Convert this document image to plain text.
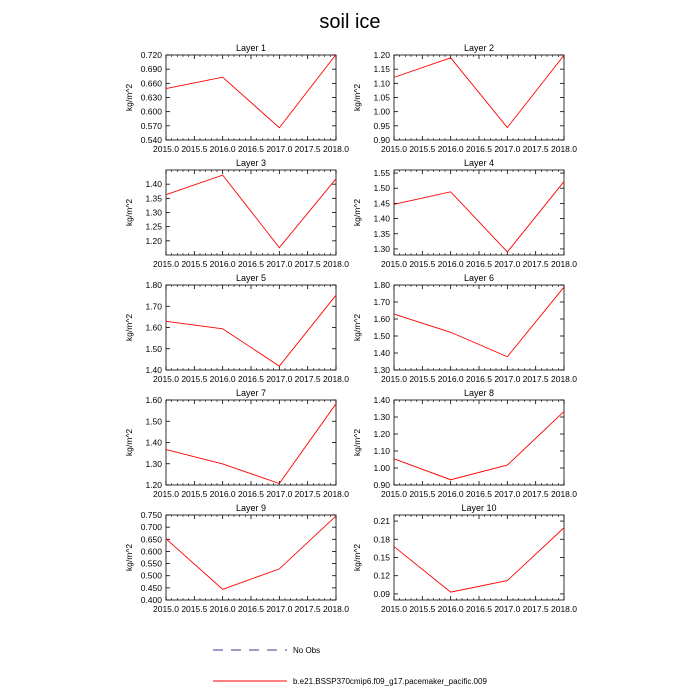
soil ice
Layer 1
2015.0 2015.5 2016.0 2016.5 2017.0 2017.5 2018.0
0.720
0.690
0.660
0.630
0.600
0.570
0.540
kg/m^2
Layer 2
2015.0 2015.5 2016.0 2016.5 2017.0 2017.5 2018.0
1.20
1.15
1.10
1.05
1.00
0.95
0.90
kg/m^2
Layer 3
2015.0 2015.5 2016.0 2016.5 2017.0 2017.5 2018.0
1.40
1.35
1.30
1.25
1.20
kg/m^2
Layer 4
2015.0 2015.5 2016.0 2016.5 2017.0 2017.5 2018.0
1.55
1.50
1.45
1.40
1.35
1.30
kg/m^2
Layer 5
2015.0 2015.5 2016.0 2016.5 2017.0 2017.5 2018.0
1.80
1.70
1.60
1.50
1.40
kg/m^2
Layer 6
2015.0 2015.5 2016.0 2016.5 2017.0 2017.5 2018.0
1.80
1.70
1.60
1.50
1.40
1.30
kg/m^2
Layer 7
2015.0 2015.5 2016.0 2016.5 2017.0 2017.5 2018.0
1.60
1.50
1.40
1.30
1.20
kg/m^2
Layer 8
2015.0 2015.5 2016.0 2016.5 2017.0 2017.5 2018.0
1.40
1.30
1.20
1.10
1.00
0.90
kg/m^2
Layer 9
2015.0 2015.5 2016.0 2016.5 2017.0 2017.5 2018.0
0.750
0.700
0.650
0.600
0.550
0.500
0.450
0.400
kg/m^2
Layer 10
2015.0 2015.5 2016.0 2016.5 2017.0 2017.5 2018.0
0.21
0.18
0.15
0.12
0.09
kg/m^2
No Obs
b.e21.BSSP370cmip6.f09_g17.pacemaker_pacific.009
